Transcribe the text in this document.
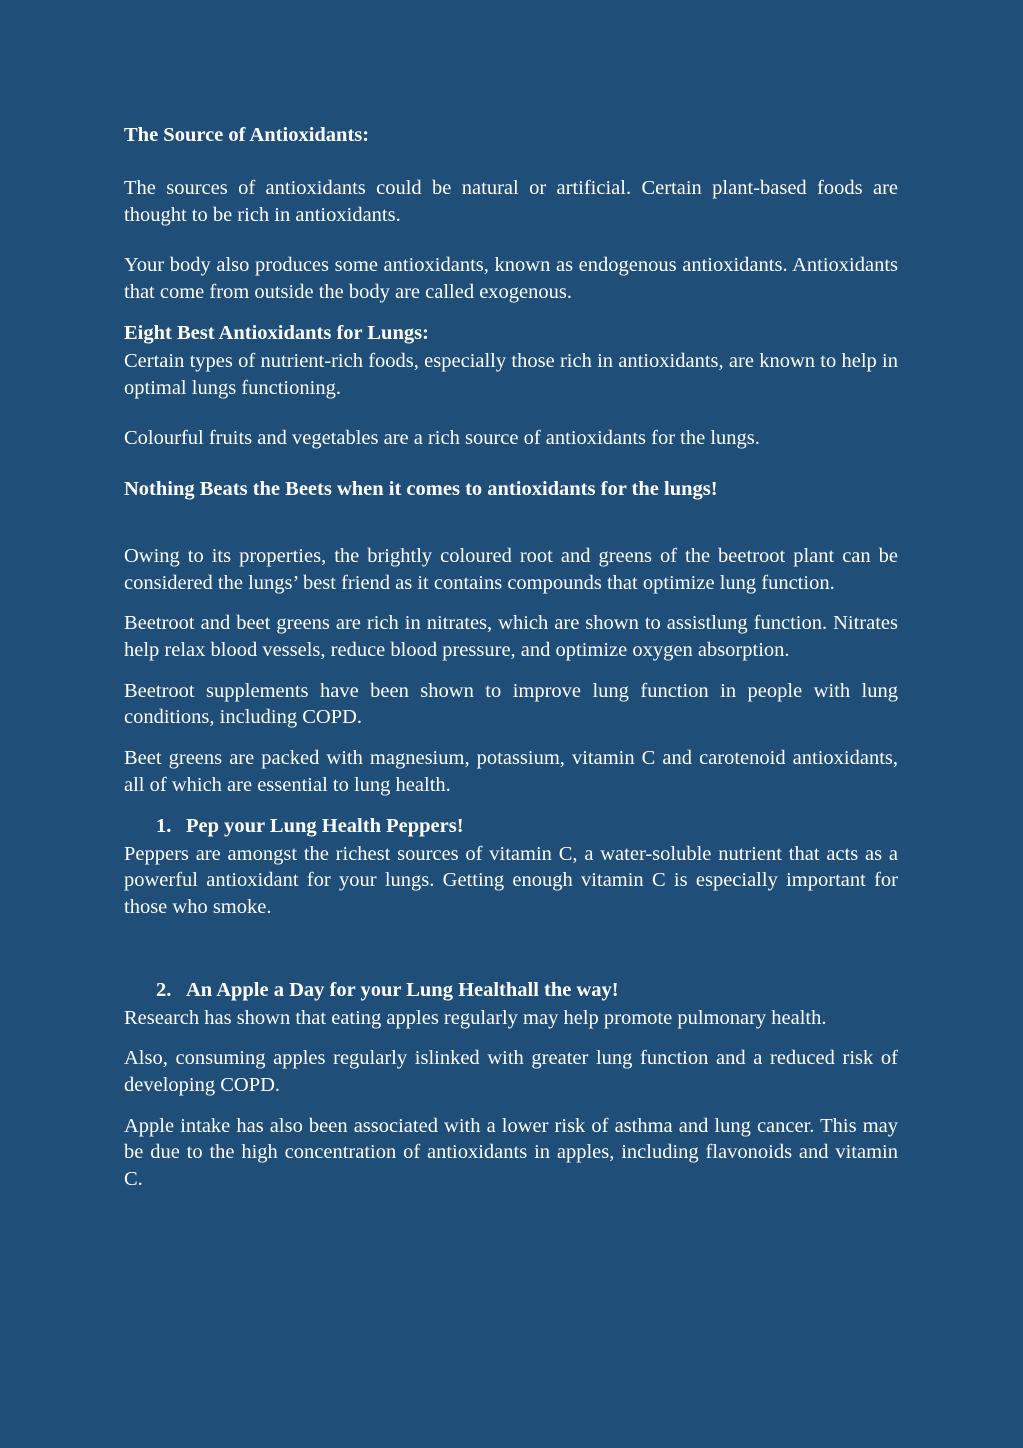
The Source of Antioxidants:

The sources of antioxidants could be natural or artificial. Certain plant-based foods are thought to be rich in antioxidants.

Your body also produces some antioxidants, known as endogenous antioxidants. Antioxidants that come from outside the body are called exogenous.

Eight Best Antioxidants for Lungs:

Certain types of nutrient-rich foods, especially those rich in antioxidants, are known to help in optimal lungs functioning.

Colourful fruits and vegetables are a rich source of antioxidants for the lungs.

Nothing Beats the Beets when it comes to antioxidants for the lungs!

Owing to its properties, the brightly coloured root and greens of the beetroot plant can be considered the lungs’ best friend as it contains compounds that optimize lung function.

Beetroot and beet greens are rich in nitrates, which are shown to assistlung function. Nitrates help relax blood vessels, reduce blood pressure, and optimize oxygen absorption.

Beetroot supplements have been shown to improve lung function in people with lung conditions, including COPD.

Beet greens are packed with magnesium, potassium, vitamin C and carotenoid antioxidants, all of which are essential to lung health.

1. Pep your Lung Health Peppers!

Peppers are amongst the richest sources of vitamin C, a water-soluble nutrient that acts as a powerful antioxidant for your lungs. Getting enough vitamin C is especially important for those who smoke.

2. An Apple a Day for your Lung Healthall the way!

Research has shown that eating apples regularly may help promote pulmonary health.

Also, consuming apples regularly islinked with greater lung function and a reduced risk of developing COPD.

Apple intake has also been associated with a lower risk of asthma and lung cancer. This may be due to the high concentration of antioxidants in apples, including flavonoids and vitamin C.
